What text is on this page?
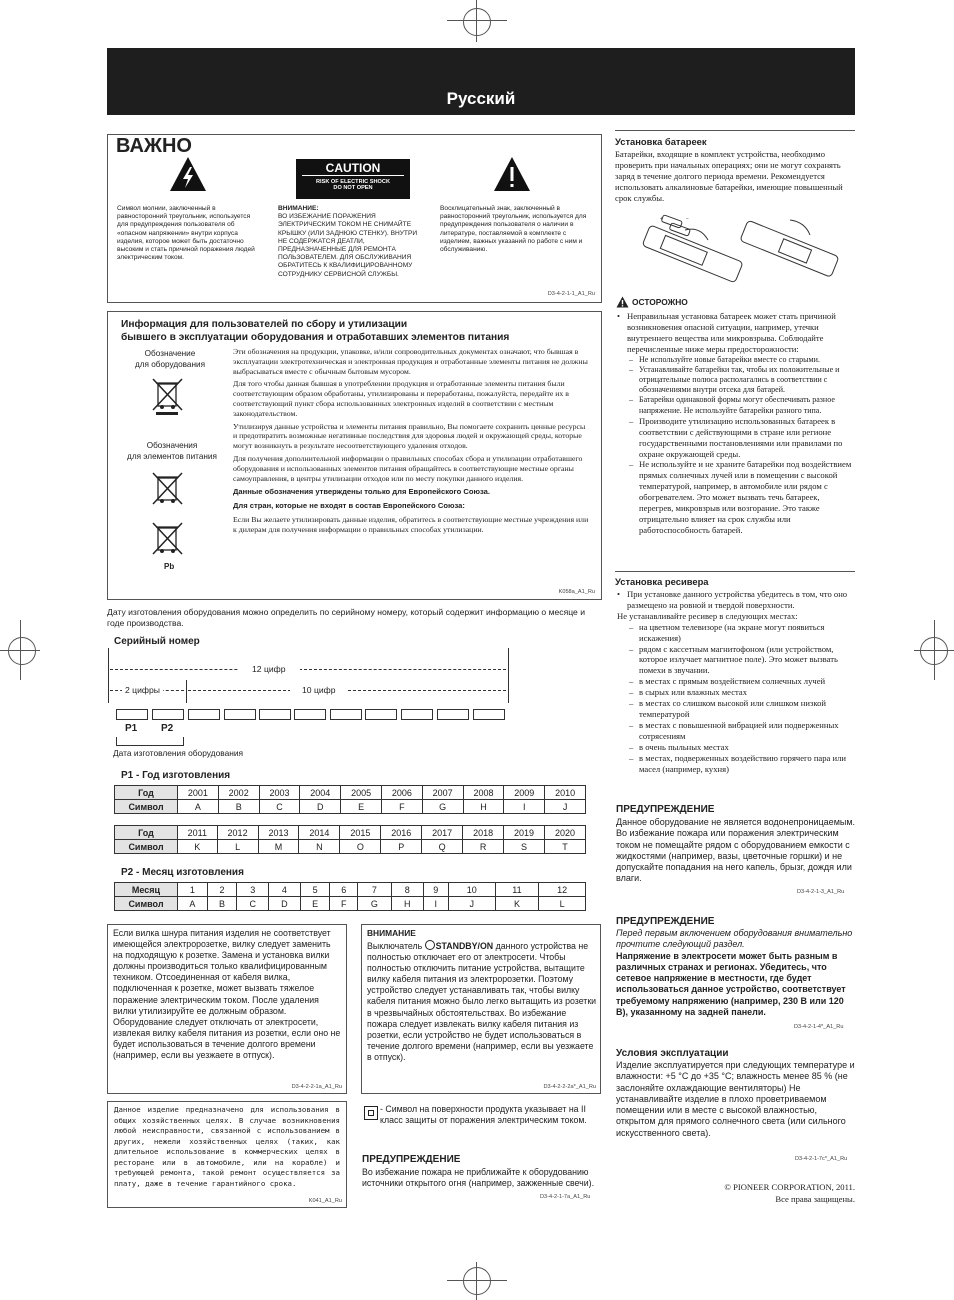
Русский
ВАЖНО
CAUTION
RISK OF ELECTRIC SHOCK
DO NOT OPEN
Символ молнии, заключенный в равносторонний треугольник, используется для предупреждения пользователя об «опасном напряжении» внутри корпуса изделия, которое может быть достаточно высоким и стать причиной поражения людей электрическим током.
ВНИМАНИЕ:
ВО ИЗБЕЖАНИЕ ПОРАЖЕНИЯ ЭЛЕКТРИЧЕСКИМ ТОКОМ НЕ СНИМАЙТЕ КРЫШКУ (ИЛИ ЗАДНЮЮ СТЕНКУ). ВНУТРИ НЕ СОДЕРЖАТСЯ ДЕАТЛИ, ПРЕДНАЗНАЧЕННЫЕ ДЛЯ РЕМОНТА ПОЛЬЗОВАТЕЛЕМ. ДЛЯ ОБСЛУЖИВАНИЯ ОБРАТИТЕСЬ К КВАЛИФИЦИРОВАННОМУ СОТРУДНИКУ СЕРВИСНОЙ СЛУЖБЫ.
Восклицательный знак, заключенный в равносторонний треугольник, используется для предупреждения пользователя о наличии в литературе, поставляемой в комплекте с изделием, важных указаний по работе с ним и обслуживанию.
D3-4-2-1-1_A1_Ru
Информация для пользователей по сбору и утилизации
бывшего в эксплуатации оборудования и отработавших элементов питания
Обозначение
для оборудования
Обозначения
для элементов питания
Pb
Эти обозначения на продукции, упаковке, и/или сопроводительных документах означают, что бывшая в эксплуатации электротехническая и электронная продукция и отработанные элементы питания не должны выбрасываться вместе с обычным бытовым мусором.
Для того чтобы данная бывшая в употреблении продукция и отработанные элементы питания были соответствующим образом обработаны, утилизированы и переработаны, пожалуйста, передайте их в соответствующий пункт сбора использованных электронных изделий в соответствии с местным законодательством.
Утилизируя данные устройства и элементы питания правильно, Вы помогаете сохранить ценные ресурсы и предотвратить возможные негативные последствия для здоровья людей и окружающей среды, которые могут возникнуть в результате несоответствующего удаления отходов.
Для получения дополнительной информации о правильных способах сбора и утилизации отработавшего оборудования и использованных элементов питания обращайтесь в соответствующие местные органы самоуправления, в центры утилизации отходов или по месту покупки данного изделия.
Данные обозначения утверждены только для Европейского Союза.
Для стран, которые не входят в состав Европейского Союза:
Если Вы желаете утилизировать данные изделия, обратитесь в соответствующие местные учреждения или к дилерам для получения информации о правильных способах утилизации.
K058a_A1_Ru
Дату изготовления оборудования можно определить по серийному номеру, который содержит информацию о месяце и годе производства.
Серийный номер
12 цифр
2 цифры	10 цифр
P1 P2
Дата изготовления оборудования
P1 - Год изготовления
Год	2001	2002	2003	2004	2005	2006	2007	2008	2009	2010
Символ	A	B	C	D	E	F	G	H	I	J
Год	2011	2012	2013	2014	2015	2016	2017	2018	2019	2020
Символ	K	L	M	N	O	P	Q	R	S	T
P2 - Месяц изготовления
Месяц	1	2	3	4	5	6	7	8	9	10	11	12
Символ	A	B	C	D	E	F	G	H	I	J	K	L
Если вилка шнура питания изделия не соответствует имеющейся электророзетке, вилку следует заменить на подходящую к розетке. Замена и установка вилки должны производиться только квалифицированным техником. Отсоединенная от кабеля вилка, подключенная к розетке, может вызвать тяжелое поражение электрическим током. После удаления вилки утилизируйте ее должным образом. Оборудование следует отключать от электросети, извлекая вилку кабеля питания из розетки, если оно не будет использоваться в течение долгого времени (например, если вы уезжаете в отпуск).
D3-4-2-2-1a_A1_Ru
Данное изделие предназначено для использования в общих хозяйственных целях. В случае возникновения любой неисправности, связанной с использованием в других, нежели хозяйственных целях (таких, как длительное использование в коммерческих целях в ресторане или в автомобиле, или на корабле) и требующей ремонта, такой ремонт осуществляется за плату, даже в течение гарантийного срока.
K041_A1_Ru
ВНИМАНИЕ
Выключатель STANDBY/ON данного устройства не полностью отключает его от электросети. Чтобы полностью отключить питание устройства, вытащите вилку кабеля питания из электророзетки. Поэтому устройство следует устанавливать так, чтобы вилку кабеля питания можно было легко вытащить из розетки в чрезвычайных обстоятельствах. Во избежание пожара следует извлекать вилку кабеля питания из розетки, если устройство не будет использоваться в течение долгого времени (например, если вы уезжаете в отпуск).
D3-4-2-2-2a*_A1_Ru
- Символ на поверхности продукта указывает на II класс защиты от поражения электрическим током.
ПРЕДУПРЕЖДЕНИЕ
Во избежание пожара не приближайте к оборудованию источники открытого огня (например, зажженные свечи).
D3-4-2-1-7a_A1_Ru
Установка батареек
Батарейки, входящие в комплект устройства, необходимо проверить при начальных операциях; они не могут сохранять заряд в течение долгого периода времени. Рекомендуется использовать алкалиновые батарейки, имеющие повышенный срок службы.
+	−
ОСТОРОЖНО
• Неправильная установка батареек может стать причиной возникновения опасной ситуации, например, утечки внутреннего вещества или микровзрыва. Соблюдайте перечисленные ниже меры предосторожности:
– Не используйте новые батарейки вместе со старыми.
– Устанавливайте батарейки так, чтобы их положительные и отрицательные полюса располагались в соответствии с обозначениями внутри отсека для батарей.
– Батарейки одинаковой формы могут обеспечивать разное напряжение. Не используйте батарейки разного типа.
– Производите утилизацию использованных батареек в соответствии с действующими в стране или регионе государственными постановлениями или правилами по охране окружающей среды.
– Не используйте и не храните батарейки под воздействием прямых солнечных лучей или в помещении с высокой температурой, например, в автомобиле или рядом с обогревателем. Это может вызвать течь батареек, перегрев, микровзрыв или возгорание. Это также отрицательно влияет на срок службы или работоспособность батарей.
Установка ресивера
• При установке данного устройства убедитесь в том, что оно размещено на ровной и твердой поверхности.
Не устанавливайте ресивер в следующих местах:
– на цветном телевизоре (на экране могут появиться искажения)
– рядом с кассетным магнитофоном (или устройством, которое излучает магнитное поле). Это может вызвать помехи в звучании.
– в местах с прямым воздействием солнечных лучей
– в сырых или влажных местах
– в местах со слишком высокой или слишком низкой температурой
– в местах с повышенной вибрацией или подверженных сотрясениям
– в очень пыльных местах
– в местах, подверженных воздействию горячего пара или масел (например, кухня)
ПРЕДУПРЕЖДЕНИЕ
Данное оборудование не является водонепроницаемым. Во избежание пожара или поражения электрическим током не помещайте рядом с оборудованием емкости с жидкостями (например, вазы, цветочные горшки) и не допускайте попадания на него капель, брызг, дождя или влаги.
D3-4-2-1-3_A1_Ru
ПРЕДУПРЕЖДЕНИЕ
Перед первым включением оборудования внимательно прочтите следующий раздел.
Напряжение в электросети может быть разным в различных странах и регионах. Убедитесь, что сетевое напряжение в местности, где будет использоваться данное устройство, соответствует требуемому напряжению (например, 230 В или 120 В), указанному на задней панели.
D3-4-2-1-4*_A1_Ru
Условия эксплуатации
Изделие эксплуатируется при следующих температуре и влажности: +5 °C до +35 °C; влажность менее 85 % (не заслоняйте охлаждающие вентиляторы) Не устанавливайте изделие в плохо проветриваемом помещении или в месте с высокой влажностью, открытом для прямого солнечного света (или сильного искусственного света).
D3-4-2-1-7c*_A1_Ru
© PIONEER CORPORATION, 2011.
Все права защищены.
